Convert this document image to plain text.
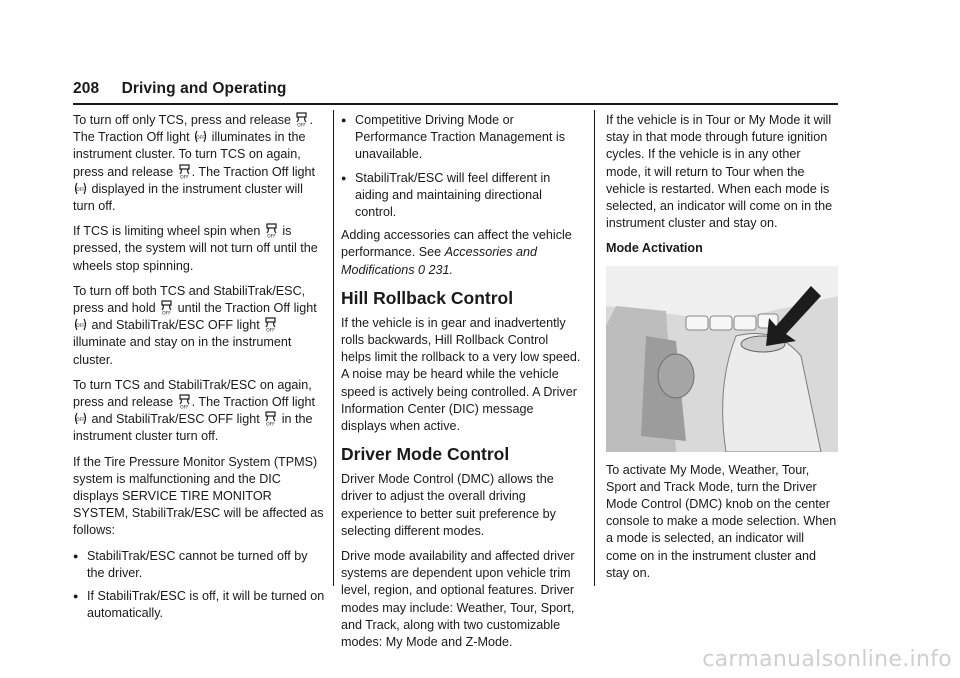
208 Driving and Operating

To turn off only TCS, press and release OFF . The Traction Off light OFF illuminates in the instrument cluster. To turn TCS on again, press and release OFF . The Traction Off light
OFF displayed in the instrument cluster will turn off.

If TCS is limiting wheel spin when OFF is pressed, the system will not turn off until the wheels stop spinning.

To turn off both TCS and StabiliTrak/ESC, press and hold OFF until the Traction Off light
OFF and StabiliTrak/ESC OFF light OFF
illuminate and stay on in the instrument cluster.

To turn TCS and StabiliTrak/ESC on again, press and release OFF . The Traction Off light
OFF and StabiliTrak/ESC OFF light OFF in the instrument cluster turn off.

If the Tire Pressure Monitor System (TPMS) system is malfunctioning and the DIC displays SERVICE TIRE MONITOR SYSTEM, StabiliTrak/ESC will be affected as follows:

● StabiliTrak/ESC cannot be turned off by the driver.
● If StabiliTrak/ESC is off, it will be turned on automatically.
● Competitive Driving Mode or Performance Traction Management is unavailable.
● StabiliTrak/ESC will feel different in aiding and maintaining directional control.

Adding accessories can affect the vehicle performance. See Accessories and Modifications 0 231.

Hill Rollback Control

If the vehicle is in gear and inadvertently rolls backwards, Hill Rollback Control helps limit the rollback to a very low speed. A noise may be heard while the vehicle speed is actively being controlled. A Driver Information Center (DIC) message displays when active.

Driver Mode Control

Driver Mode Control (DMC) allows the driver to adjust the overall driving experience to better suit preference by selecting different modes.

Drive mode availability and affected driver systems are dependent upon vehicle trim level, region, and optional features. Driver modes may include: Weather, Tour, Sport, and Track, along with two customizable modes: My Mode and Z-Mode.

If the vehicle is in Tour or My Mode it will stay in that mode through future ignition cycles. If the vehicle is in any other mode, it will return to Tour when the vehicle is restarted. When each mode is selected, an indicator will come on in the instrument cluster and stay on.

Mode Activation

To activate My Mode, Weather, Tour, Sport and Track Mode, turn the Driver Mode Control (DMC) knob on the center console to make a mode selection. When a mode is selected, an indicator will come on in the instrument cluster and stay on.

carmanualsonline.info
